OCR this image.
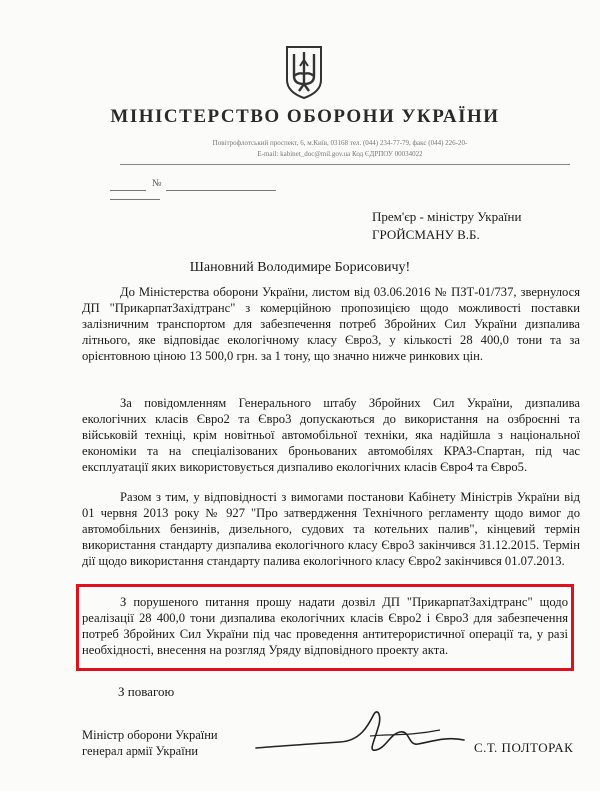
МІНІСТЕРСТВО ОБОРОНИ УКРАЇНИ
Повітрофлотський проспект, 6, м.Київ, 03168 тел. (044) 234-77-79, факс (044) 226-20-
E-mail: kabinet_doc@mil.gov.ua Код ЄДРПОУ 00034022
№
Прем'єр - міністру України
ГРОЙСМАНУ В.Б.
Шановний Володимире Борисовичу!

До Міністерства оборони України, листом від 03.06.2016 № ПЗТ-01/737, звернулося ДП "ПрикарпатЗахідтранс" з комерційною пропозицією щодо можливості поставки залізничним транспортом для забезпечення потреб Збройних Сил України дизпалива літнього, яке відповідає екологічному класу Євро3, у кількості 28 400,0 тони та за орієнтовною ціною 13 500,0 грн. за 1 тону, що значно нижче ринкових цін.

За повідомленням Генерального штабу Збройних Сил України, дизпалива екологічних класів Євро2 та Євро3 допускаються до використання на озброєнні та військовій техніці, крім новітньої автомобільної техніки, яка надійшла з національної економіки та на спеціалізованих броньованих автомобілях КРАЗ-Спартан, під час експлуатації яких використовується дизпаливо екологічних класів Євро4 та Євро5.

Разом з тим, у відповідності з вимогами постанови Кабінету Міністрів України від 01 червня 2013 року № 927 "Про затвердження Технічного регламенту щодо вимог до автомобільних бензинів, дизельного, судових та котельних палив", кінцевий термін використання стандарту дизпалива екологічного класу Євро3 закінчився 31.12.2015. Термін дії щодо використання стандарту палива екологічного класу Євро2 закінчився 01.07.2013.

З порушеного питання прошу надати дозвіл ДП "ПрикарпатЗахідтранс" щодо реалізації 28 400,0 тони дизпалива екологічних класів Євро2 і Євро3 для забезпечення потреб Збройних Сил України під час проведення антитерористичної операції та, у разі необхідності, внесення на розгляд Уряду відповідного проекту акта.

З повагою
Міністр оборони України
генерал армії України	С.Т. ПОЛТОРАК
